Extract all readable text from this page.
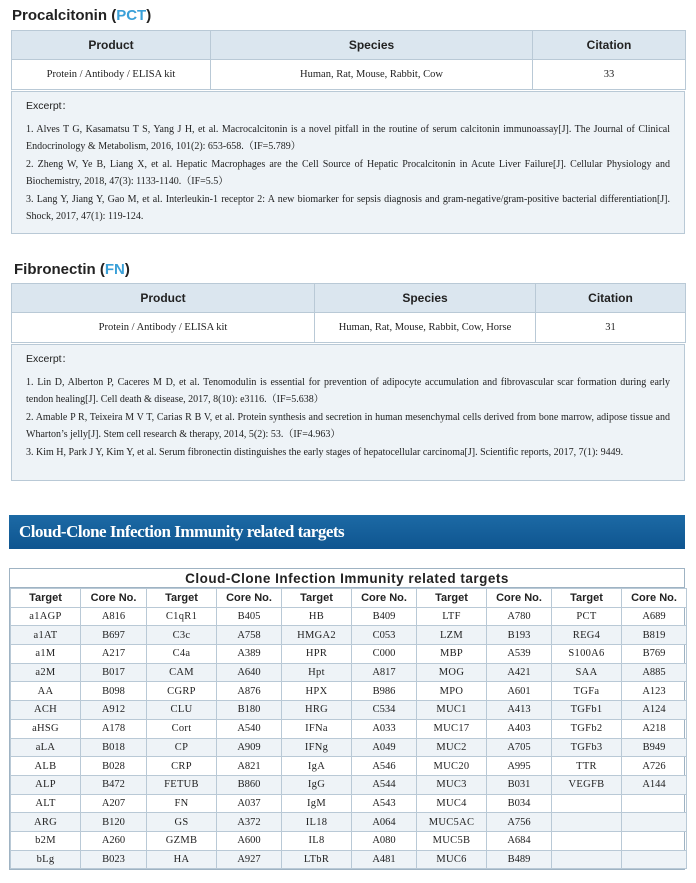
Procalcitonin (PCT)
Product	Species	Citation
Protein / Antibody / ELISA kit	Human, Rat, Mouse, Rabbit, Cow	33
Excerpt：

1. Alves T G, Kasamatsu T S, Yang J H, et al. Macrocalcitonin is a novel pitfall in the routine of serum calcitonin immunoassay[J]. The Journal of Clinical Endocrinology & Metabolism, 2016, 101(2): 653-658.（IF=5.789）

2. Zheng W, Ye B, Liang X, et al. Hepatic Macrophages are the Cell Source of Hepatic Procalcitonin in Acute Liver Failure[J]. Cellular Physiology and Biochemistry, 2018, 47(3): 1133-1140.（IF=5.5）

3. Lang Y, Jiang Y, Gao M, et al. Interleukin-1 receptor 2: A new biomarker for sepsis diagnosis and gram-negative/gram-positive bacterial differentiation[J]. Shock, 2017, 47(1): 119-124.

Fibronectin (FN)
Product	Species	Citation
Protein / Antibody / ELISA kit	Human, Rat, Mouse, Rabbit, Cow, Horse	31
Excerpt：

1. Lin D, Alberton P, Caceres M D, et al. Tenomodulin is essential for prevention of adipocyte accumulation and fibrovascular scar formation during early tendon healing[J]. Cell death & disease, 2017, 8(10): e3116.（IF=5.638）

2. Amable P R, Teixeira M V T, Carias R B V, et al. Protein synthesis and secretion in human mesenchymal cells derived from bone marrow, adipose tissue and Wharton’s jelly[J]. Stem cell research & therapy, 2014, 5(2): 53.（IF=4.963）

3. Kim H, Park J Y, Kim Y, et al. Serum fibronectin distinguishes the early stages of hepatocellular carcinoma[J]. Scientific reports, 2017, 7(1): 9449.

Cloud-Clone Infection Immunity related targets
Cloud-Clone Infection Immunity related targets
Target	Core No.	Target	Core No.	Target	Core No.	Target	Core No.	Target	Core No.
a1AGP	A816	C1qR1	B405	HB	B409	LTF	A780	PCT	A689
a1AT	B697	C3c	A758	HMGA2	C053	LZM	B193	REG4	B819
a1M	A217	C4a	A389	HPR	C000	MBP	A539	S100A6	B769
a2M	B017	CAM	A640	Hpt	A817	MOG	A421	SAA	A885
AA	B098	CGRP	A876	HPX	B986	MPO	A601	TGFa	A123
ACH	A912	CLU	B180	HRG	C534	MUC1	A413	TGFb1	A124
aHSG	A178	Cort	A540	IFNa	A033	MUC17	A403	TGFb2	A218
aLA	B018	CP	A909	IFNg	A049	MUC2	A705	TGFb3	B949
ALB	B028	CRP	A821	IgA	A546	MUC20	A995	TTR	A726
ALP	B472	FETUB	B860	IgG	A544	MUC3	B031	VEGFB	A144
ALT	A207	FN	A037	IgM	A543	MUC4	B034		
ARG	B120	GS	A372	IL18	A064	MUC5AC	A756		
b2M	A260	GZMB	A600	IL8	A080	MUC5B	A684		
bLg	B023	HA	A927	LTbR	A481	MUC6	B489		
